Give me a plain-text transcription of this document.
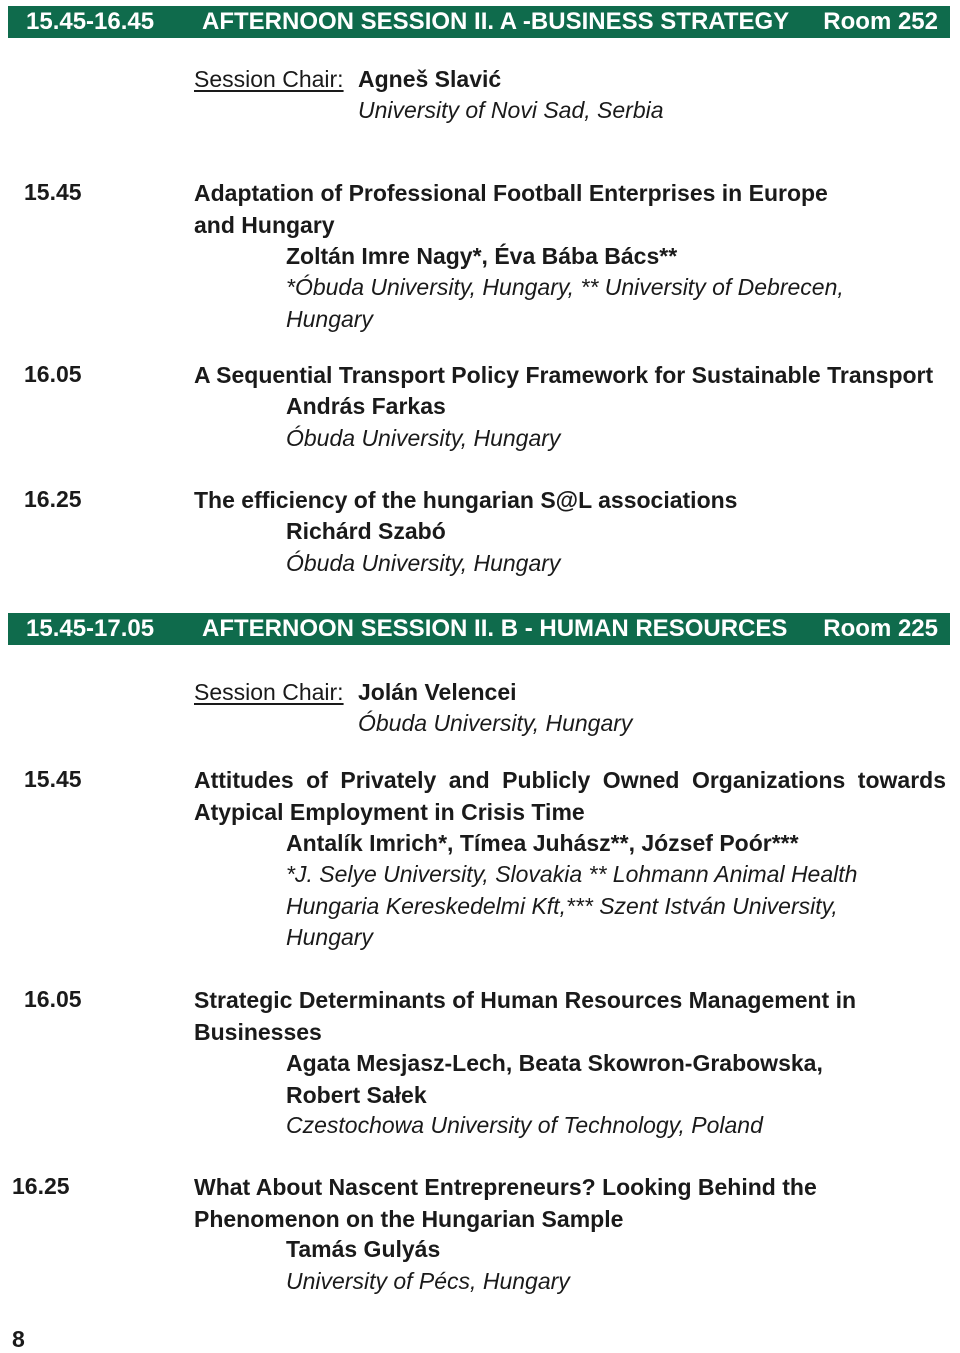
15.45-16.45 AFTERNOON SESSION II. A -BUSINESS STRATEGY Room 252
Session Chair: Agneš Slavić
University of Novi Sad, Serbia
15.45	Adaptation of Professional Football Enterprises in Europe and Hungary
Zoltán Imre Nagy*, Éva Bába Bács**
*Óbuda University, Hungary, ** University of Debrecen, Hungary
16.05	A Sequential Transport Policy Framework for Sustainable Transport
András Farkas
Óbuda University, Hungary
16.25	The efficiency of the hungarian S@L associations
Richárd Szabó
Óbuda University, Hungary
15.45-17.05 AFTERNOON SESSION II. B - HUMAN RESOURCES Room 225
Session Chair: Jolán Velencei
Óbuda University, Hungary
15.45	Attitudes of Privately and Publicly Owned Organizations towards Atypical Employment in Crisis Time
Antalík Imrich*, Tímea Juhász**, József Poór***
*J. Selye University, Slovakia ** Lohmann Animal Health Hungaria Kereskedelmi Kft,*** Szent István University, Hungary
16.05	Strategic Determinants of Human Resources Management in Businesses
Agata Mesjasz-Lech, Beata Skowron-Grabowska, Robert Sałek
Czestochowa University of Technology, Poland
16.25	What About Nascent Entrepreneurs? Looking Behind the Phenomenon on the Hungarian Sample
Tamás Gulyás
University of Pécs, Hungary
8
